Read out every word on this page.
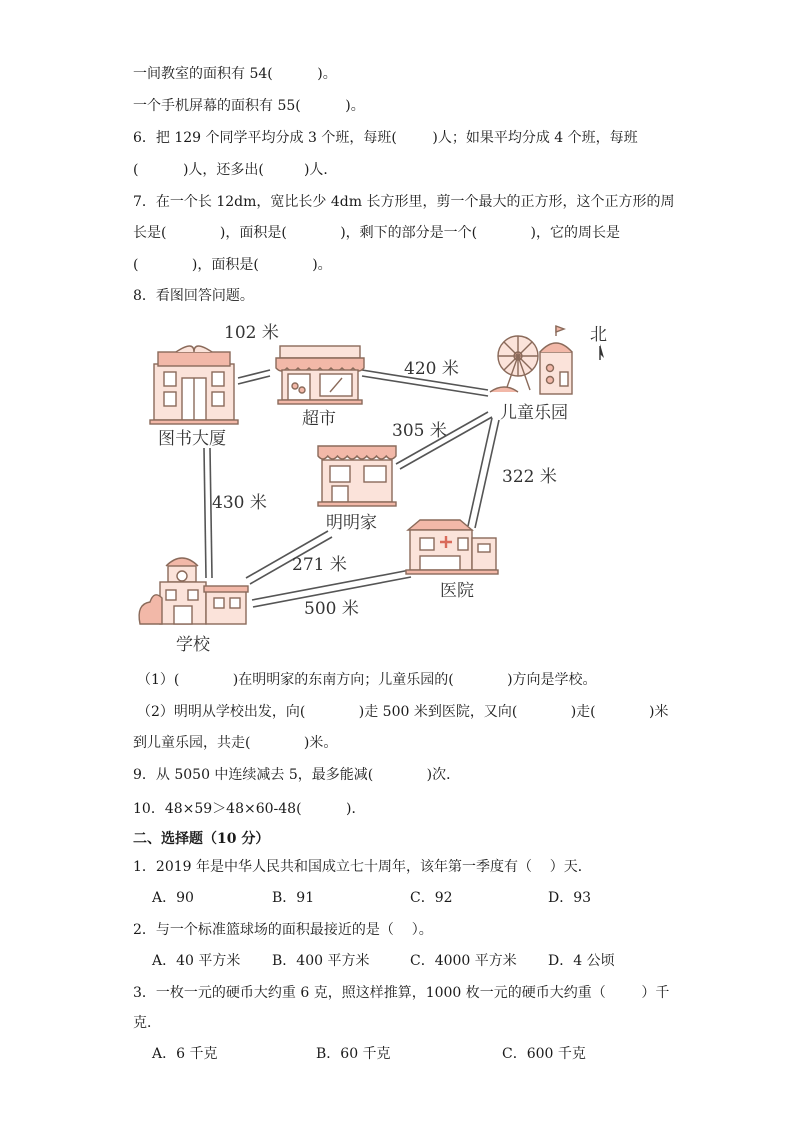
一间教室的面积有 54(          )。
一个手机屏幕的面积有 55(          )。
6．把 129 个同学平均分成 3 个班，每班(        )人；如果平均分成 4 个班，每班
(          )人，还多出(         )人．
7．在一个长 12dm，宽比长少 4dm 长方形里，剪一个最大的正方形，这个正方形的周
长是(            )，面积是(            )，剩下的部分是一个(            )，它的周长是
(            )，面积是(            )。
8．看图回答问题。
图书大厦
超市	儿童乐园
北
明明家
医院
学校
102 米
420 米
305 米
322 米
430 米
271 米
500 米
（1）(            )在明明家的东南方向；儿童乐园的(            )方向是学校。
（2）明明从学校出发，向(            )走 500 米到医院，又向(            )走(            )米
到儿童乐园，共走(            )米。
9．从 5050 中连续减去 5，最多能减(            )次．
10．48×59＞48×60-48(          )．
二、选择题（10 分）
1．2019 年是中华人民共和国成立七十周年，该年第一季度有（    ）天．
A．90	B．91	C．92	D．93
2．与一个标准篮球场的面积最接近的是（    ）。
A．40 平方米 B．400 平方米	C．4000 平方米 D．4 公顷
3．一枚一元的硬币大约重 6 克，照这样推算，1000 枚一元的硬币大约重（        ）千
克．
A．6 千克	B．60 千克	C．600 千克
